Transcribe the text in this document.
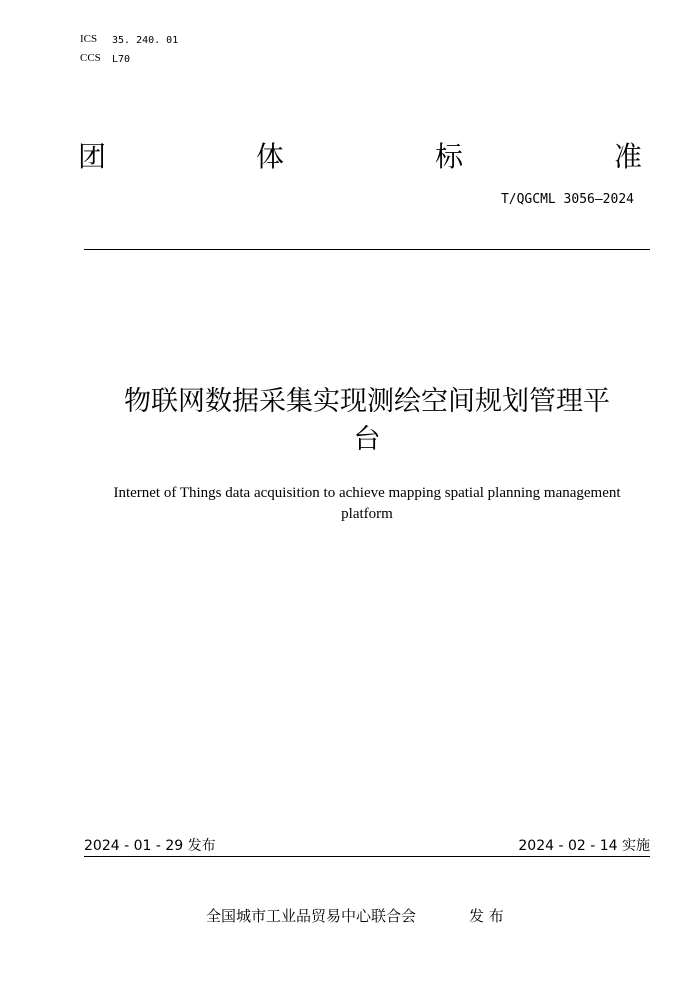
ICS 35. 240. 01
CCS L70
团	体	标	准
T/QGCML 3056—2024
物联网数据采集实现测绘空间规划管理平
台
Internet of Things data acquisition to achieve mapping spatial planning management
platform
2024 - 01 - 29 发布	2024 - 02 - 14 实施
全国城市工业品贸易中心联合会	发 布
